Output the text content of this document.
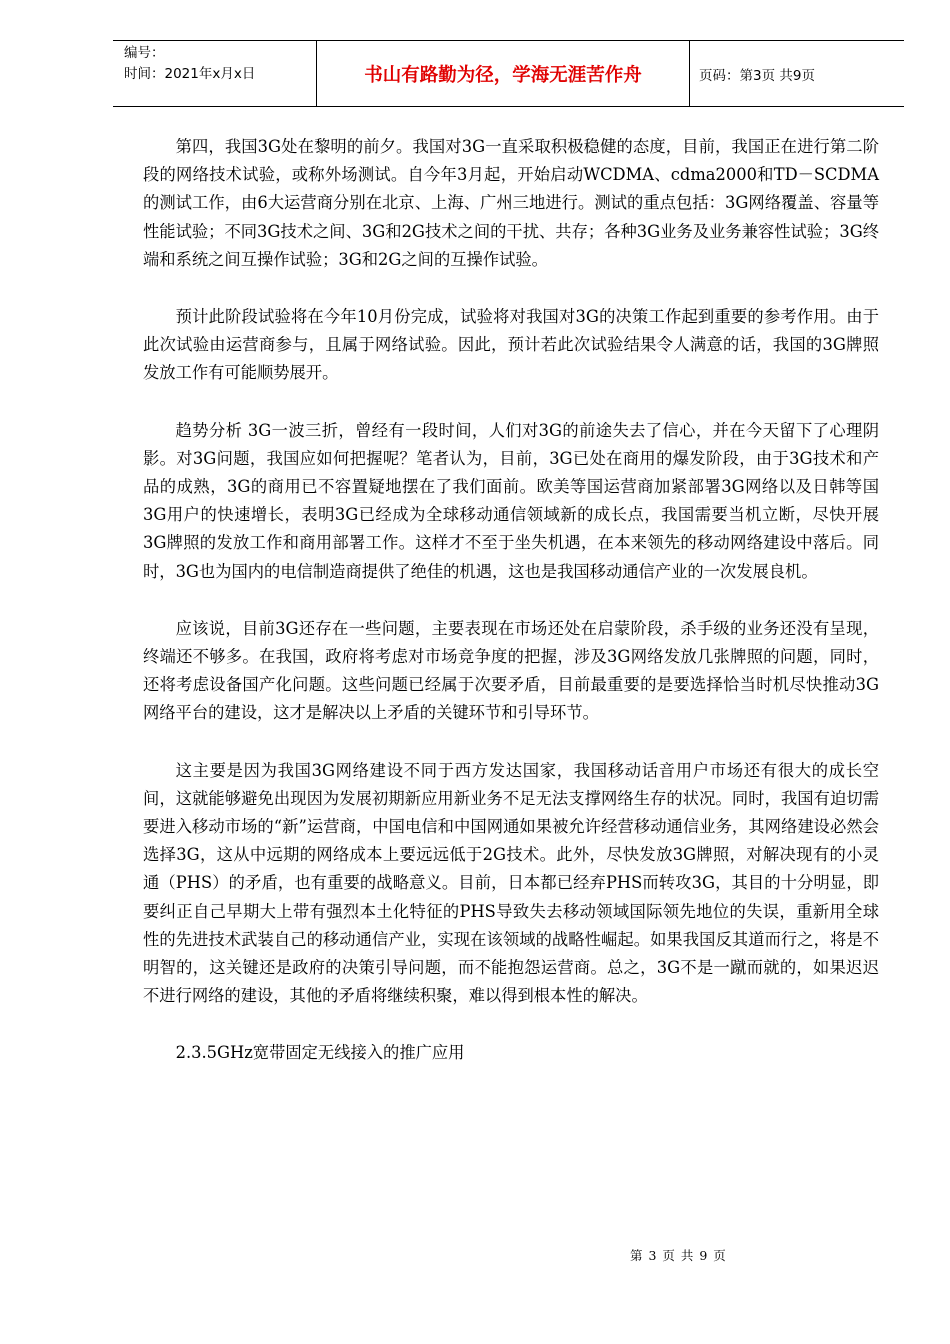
编号：
时间：2021年x月x日	书山有路勤为径，学海无涯苦作舟	页码：第3页 共9页

第四，我国3G处在黎明的前夕。我国对3G一直采取积极稳健的态度，目前，我国正在进行第二阶段的网络技术试验，或称外场测试。自今年3月起，开始启动WCDMA、cdma2000和TD－SCDMA的测试工作，由6大运营商分别在北京、上海、广州三地进行。测试的重点包括：3G网络覆盖、容量等性能试验；不同3G技术之间、3G和2G技术之间的干扰、共存；各种3G业务及业务兼容性试验；3G终端和系统之间互操作试验；3G和2G之间的互操作试验。

预计此阶段试验将在今年10月份完成，试验将对我国对3G的决策工作起到重要的参考作用。由于此次试验由运营商参与，且属于网络试验。因此，预计若此次试验结果令人满意的话，我国的3G牌照发放工作有可能顺势展开。

趋势分析 3G一波三折，曾经有一段时间，人们对3G的前途失去了信心，并在今天留下了心理阴影。对3G问题，我国应如何把握呢？笔者认为，目前，3G已处在商用的爆发阶段，由于3G技术和产品的成熟，3G的商用已不容置疑地摆在了我们面前。欧美等国运营商加紧部署3G网络以及日韩等国3G用户的快速增长，表明3G已经成为全球移动通信领域新的成长点，我国需要当机立断，尽快开展3G牌照的发放工作和商用部署工作。这样才不至于坐失机遇，在本来领先的移动网络建设中落后。同时，3G也为国内的电信制造商提供了绝佳的机遇，这也是我国移动通信产业的一次发展良机。

应该说，目前3G还存在一些问题，主要表现在市场还处在启蒙阶段，杀手级的业务还没有呈现，终端还不够多。在我国，政府将考虑对市场竞争度的把握，涉及3G网络发放几张牌照的问题，同时，还将考虑设备国产化问题。这些问题已经属于次要矛盾，目前最重要的是要选择恰当时机尽快推动3G网络平台的建设，这才是解决以上矛盾的关键环节和引导环节。

这主要是因为我国3G网络建设不同于西方发达国家，我国移动话音用户市场还有很大的成长空间，这就能够避免出现因为发展初期新应用新业务不足无法支撑网络生存的状况。同时，我国有迫切需要进入移动市场的“新”运营商，中国电信和中国网通如果被允许经营移动通信业务，其网络建设必然会选择3G，这从中远期的网络成本上要远远低于2G技术。此外，尽快发放3G牌照，对解决现有的小灵通（PHS）的矛盾，也有重要的战略意义。目前，日本都已经弃PHS而转攻3G，其目的十分明显，即要纠正自己早期大上带有强烈本土化特征的PHS导致失去移动领域国际领先地位的失误，重新用全球性的先进技术武装自己的移动通信产业，实现在该领域的战略性崛起。如果我国反其道而行之，将是不明智的，这关键还是政府的决策引导问题，而不能抱怨运营商。总之，3G不是一蹴而就的，如果迟迟不进行网络的建设，其他的矛盾将继续积聚，难以得到根本性的解决。

2.3.5GHz宽带固定无线接入的推广应用

第 3 页 共 9 页
